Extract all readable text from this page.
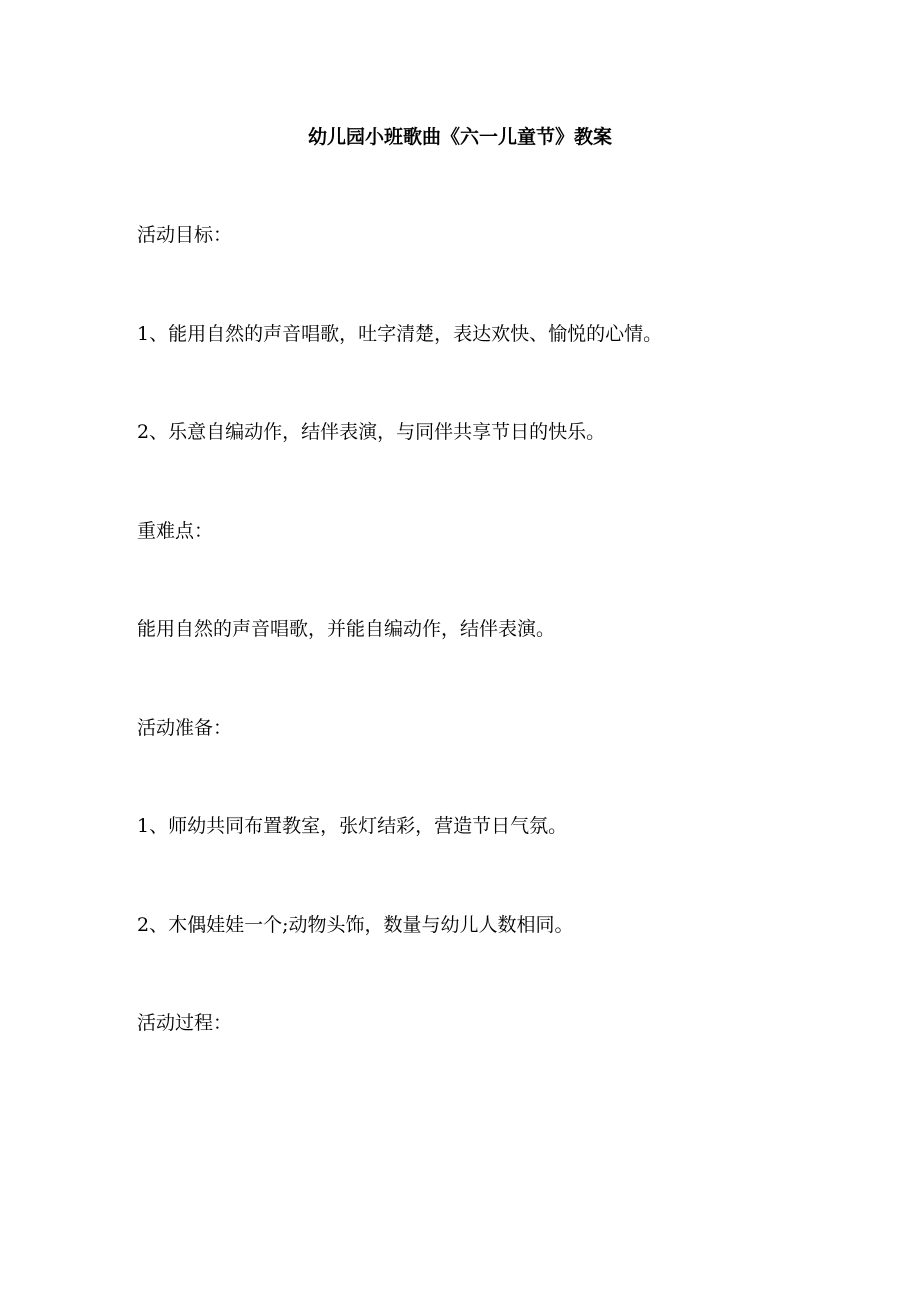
幼儿园小班歌曲《六一儿童节》教案
活动目标：
1、能用自然的声音唱歌，吐字清楚，表达欢快、愉悦的心情。
2、乐意自编动作，结伴表演，与同伴共享节日的快乐。
重难点：
能用自然的声音唱歌，并能自编动作，结伴表演。
活动准备：
1、师幼共同布置教室，张灯结彩，营造节日气氛。
2、木偶娃娃一个;动物头饰，数量与幼儿人数相同。
活动过程：
